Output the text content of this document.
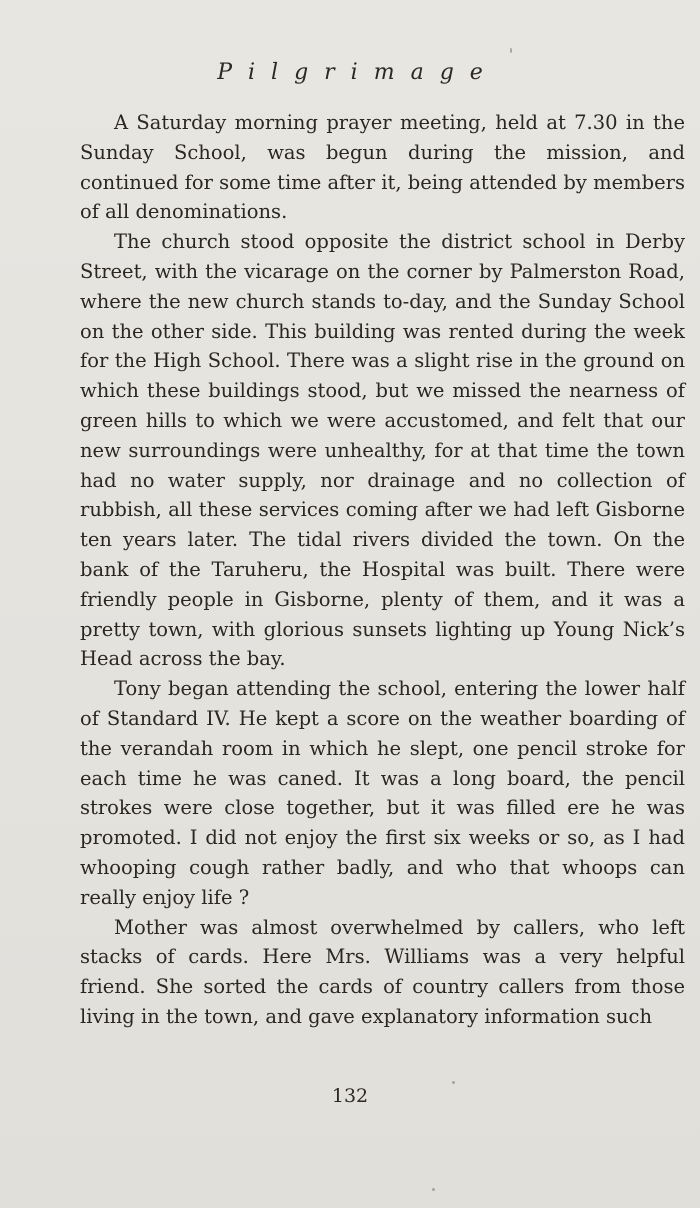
Pilgrimage

A Saturday morning prayer meeting, held at 7.30 in the Sunday School, was begun during the mission, and continued for some time after it, being attended by members of all denominations.

The church stood opposite the district school in Derby Street, with the vicarage on the corner by Palmerston Road, where the new church stands to-day, and the Sunday School on the other side. This building was rented during the week for the High School. There was a slight rise in the ground on which these buildings stood, but we missed the nearness of green hills to which we were accustomed, and felt that our new surroundings were unhealthy, for at that time the town had no water supply, nor drainage and no collection of rubbish, all these services coming after we had left Gisborne ten years later. The tidal rivers divided the town. On the bank of the Taruheru, the Hospital was built. There were friendly people in Gisborne, plenty of them, and it was a pretty town, with glorious sunsets lighting up Young Nick’s Head across the bay.

Tony began attending the school, entering the lower half of Standard IV. He kept a score on the weather boarding of the verandah room in which he slept, one pencil stroke for each time he was caned. It was a long board, the pencil strokes were close together, but it was filled ere he was promoted. I did not enjoy the first six weeks or so, as I had whooping cough rather badly, and who that whoops can really enjoy life ?

Mother was almost overwhelmed by callers, who left stacks of cards. Here Mrs. Williams was a very helpful friend. She sorted the cards of country callers from those living in the town, and gave explanatory information such

132
